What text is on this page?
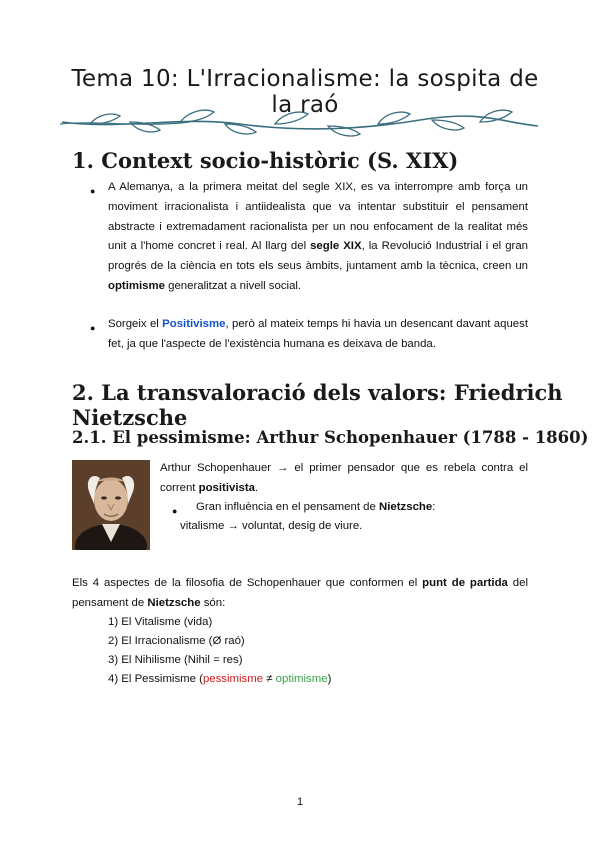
Tema 10: L'Irracionalisme: la sospita de la raó
1. Context socio-històric (S. XIX)
● A Alemanya, a la primera meitat del segle XIX, es va interrompre amb força un moviment irracionalista i antiidealista que va intentar substituir el pensament abstracte i extremadament racionalista per un nou enfocament de la realitat més unit a l'home concret i real. Al llarg del segle XIX, la Revolució Industrial i el gran progrés de la ciència en tots els seus àmbits, juntament amb la tècnica, creen un optimisme generalitzat a nivell social.
● Sorgeix el Positivisme, però al mateix temps hi havia un desencant davant aquest fet, ja que l'aspecte de l'existència humana es deixava de banda.
2. La transvaloració dels valors: Friedrich Nietzsche
2.1. El pessimisme: Arthur Schopenhauer (1788 - 1860)
Arthur Schopenhauer → el primer pensador que es rebela contra el corrent positivista.
● Gran influència en el pensament de Nietzsche:
vitalisme → voluntat, desig de viure.
Els 4 aspectes de la filosofia de Schopenhauer que conformen el punt de partida del pensament de Nietzsche són:
1) El Vitalisme (vida)
2) El Irracionalisme (Ø raó)
3) El Nihilisme (Nihil = res)
4) El Pessimisme (pessimisme ≠ optimisme)
1
